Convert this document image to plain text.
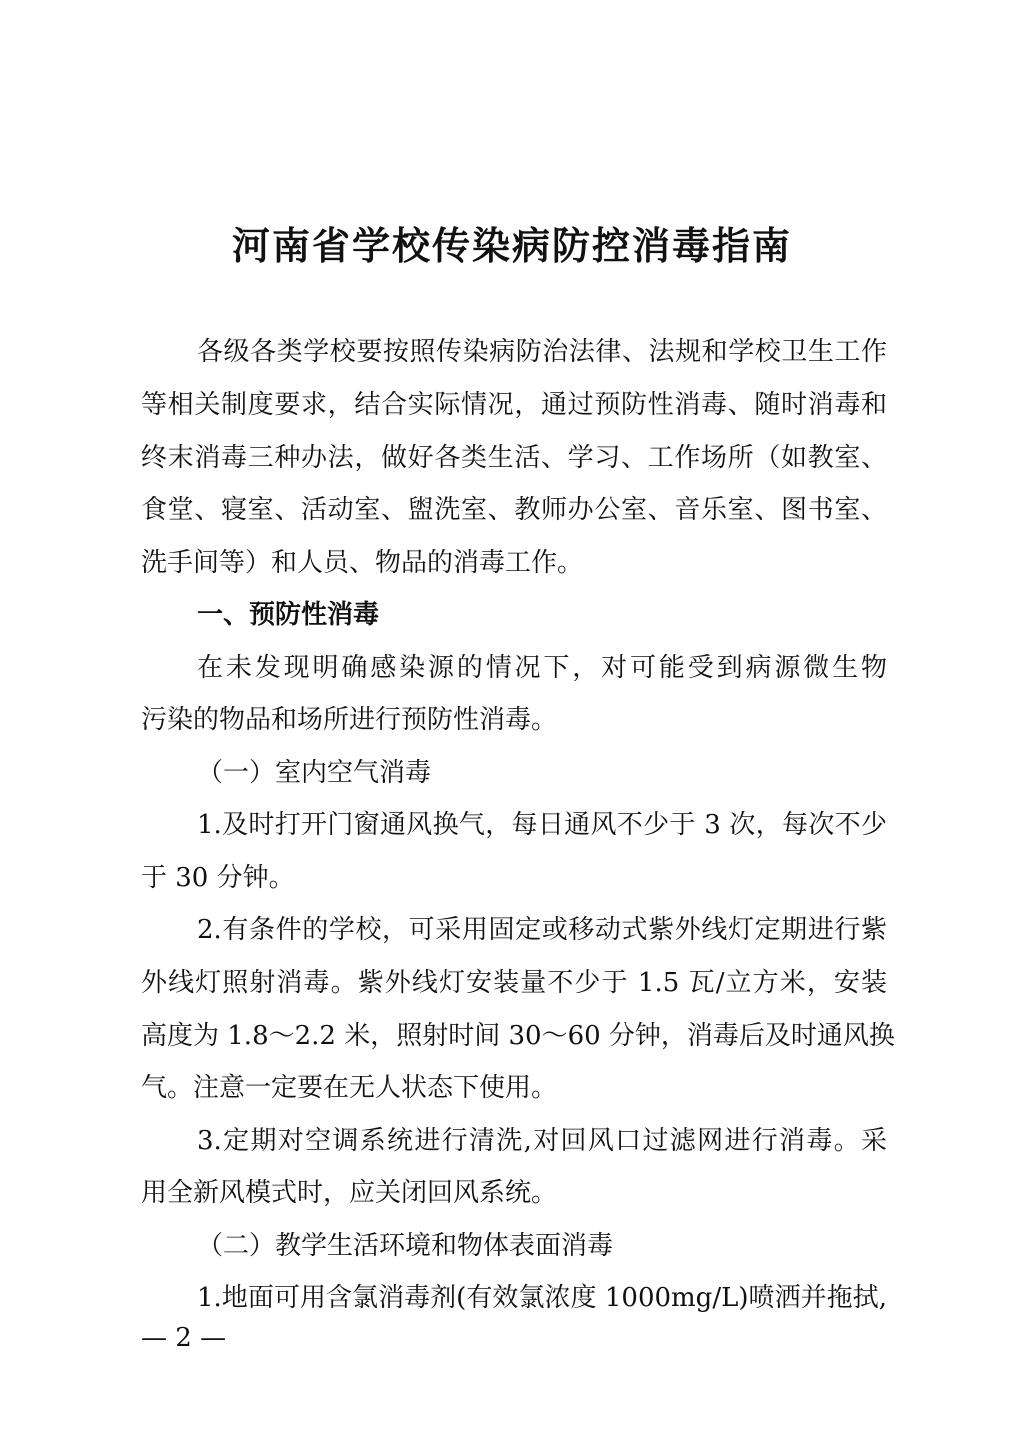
河南省学校传染病防控消毒指南

各级各类学校要按照传染病防治法律、法规和学校卫生工作

等相关制度要求，结合实际情况，通过预防性消毒、随时消毒和

终末消毒三种办法，做好各类生活、学习、工作场所（如教室、

食堂、寝室、活动室、盥洗室、教师办公室、音乐室、图书室、

洗手间等）和人员、物品的消毒工作。

一、预防性消毒

在未发现明确感染源的情况下，对可能受到病源微生物

污染的物品和场所进行预防性消毒。

（一）室内空气消毒

1.及时打开门窗通风换气，每日通风不少于 3 次，每次不少

于 30 分钟。

2.有条件的学校，可采用固定或移动式紫外线灯定期进行紫

外线灯照射消毒。紫外线灯安装量不少于 1.5 瓦/立方米，安装

高度为 1.8～2.2 米，照射时间 30～60 分钟，消毒后及时通风换

气。注意一定要在无人状态下使用。

3.定期对空调系统进行清洗,对回风口过滤网进行消毒。采

用全新风模式时，应关闭回风系统。

（二）教学生活环境和物体表面消毒

1.地面可用含氯消毒剂(有效氯浓度 1000mg/L)喷洒并拖拭,

— 2 —
